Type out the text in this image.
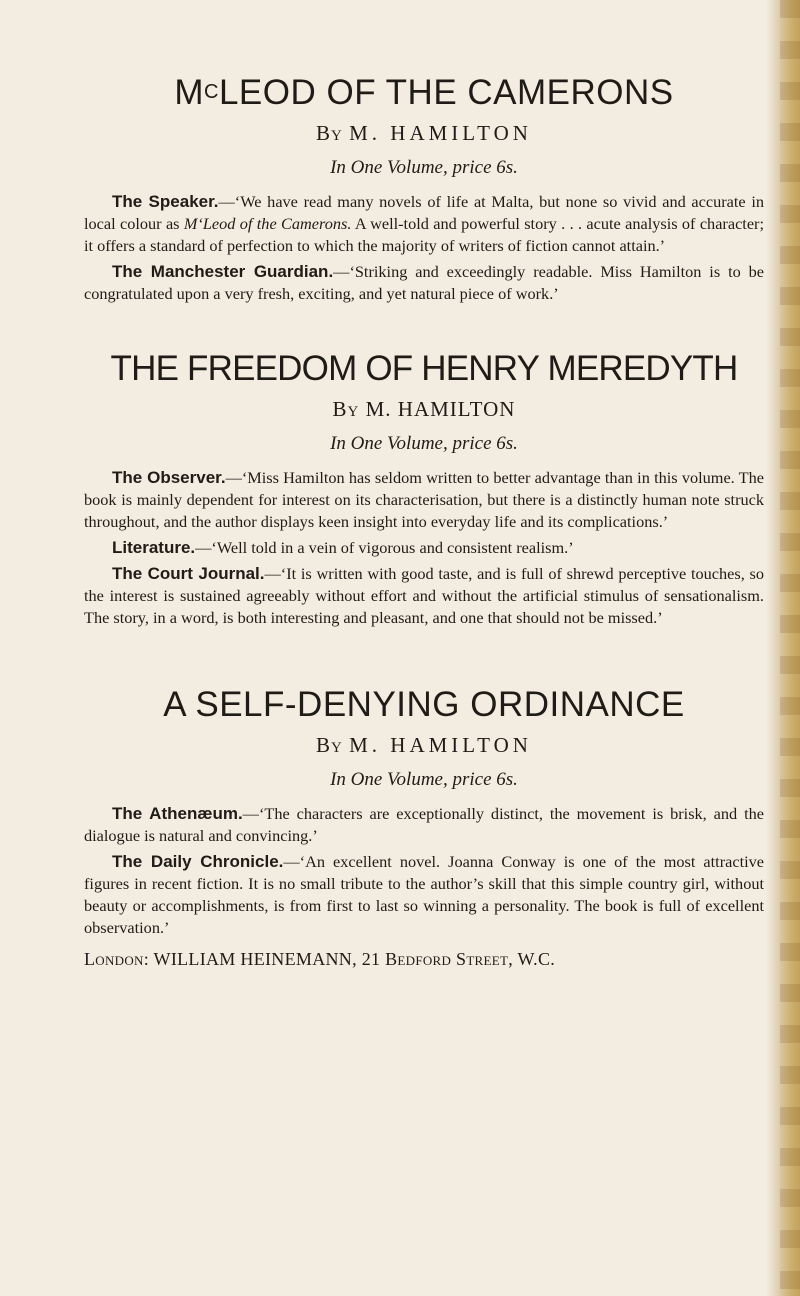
$M^CLEOD$ OF THE CAMERONS

By M. HAMILTON

In One Volume, price 6s.

The Speaker.—‘We have read many novels of life at Malta, but none so vivid and accurate in local colour as M‘Leod of the Camerons. A well-told and powerful story . . . acute analysis of character; it offers a standard of perfection to which the majority of writers of fiction cannot attain.’

The Manchester Guardian.—‘Striking and exceedingly readable. Miss Hamilton is to be congratulated upon a very fresh, exciting, and yet natural piece of work.’

THE FREEDOM OF HENRY MEREDYTH

By M. HAMILTON

In One Volume, price 6s.

The Observer.—‘Miss Hamilton has seldom written to better advantage than in this volume. The book is mainly dependent for interest on its characterisation, but there is a distinctly human note struck throughout, and the author displays keen insight into everyday life and its complications.’

Literature.—‘Well told in a vein of vigorous and consistent realism.’

The Court Journal.—‘It is written with good taste, and is full of shrewd perceptive touches, so the interest is sustained agreeably without effort and without the artificial stimulus of sensationalism. The story, in a word, is both interesting and pleasant, and one that should not be missed.’

A SELF-DENYING ORDINANCE

By M. HAMILTON

In One Volume, price 6s.

The Athenæum.—‘The characters are exceptionally distinct, the movement is brisk, and the dialogue is natural and convincing.’

The Daily Chronicle.—‘An excellent novel. Joanna Conway is one of the most attractive figures in recent fiction. It is no small tribute to the author’s skill that this simple country girl, without beauty or accomplishments, is from first to last so winning a personality. The book is full of excellent observation.’

London: WILLIAM HEINEMANN, 21 Bedford Street, W.C.
